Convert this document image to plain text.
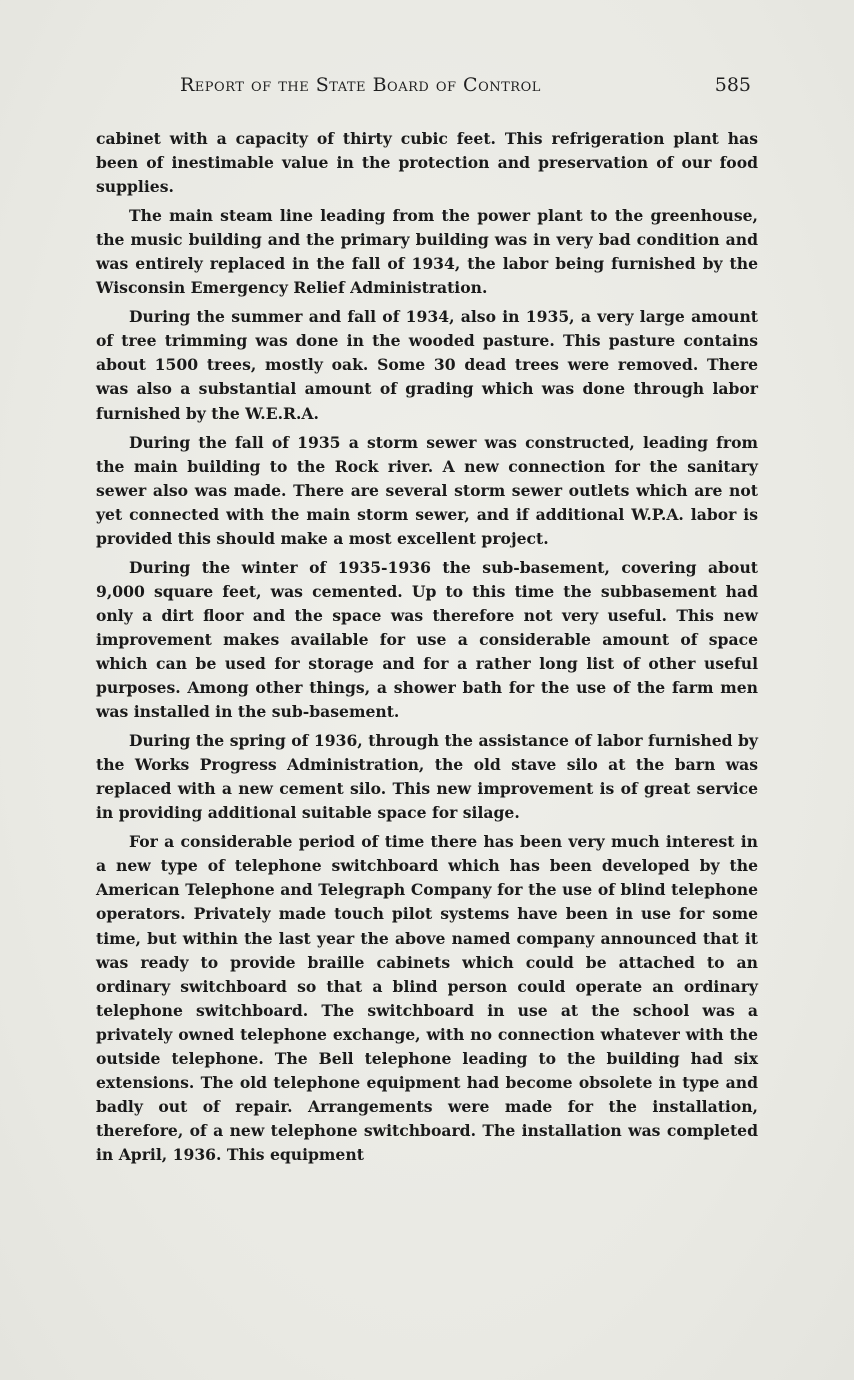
Report of the State Board of Control	585

cabinet with a capacity of thirty cubic feet. This refrigeration plant has been of inestimable value in the protection and preservation of our food supplies.

The main steam line leading from the power plant to the greenhouse, the music building and the primary building was in very bad condition and was entirely replaced in the fall of 1934, the labor being furnished by the Wisconsin Emergency Relief Administration.

During the summer and fall of 1934, also in 1935, a very large amount of tree trimming was done in the wooded pasture. This pasture contains about 1500 trees, mostly oak. Some 30 dead trees were removed. There was also a substantial amount of grading which was done through labor furnished by the W.E.R.A.

During the fall of 1935 a storm sewer was constructed, leading from the main building to the Rock river. A new connection for the sanitary sewer also was made. There are several storm sewer outlets which are not yet connected with the main storm sewer, and if additional W.P.A. labor is provided this should make a most excellent project.

During the winter of 1935-1936 the sub-basement, covering about 9,000 square feet, was cemented. Up to this time the subbasement had only a dirt floor and the space was therefore not very useful. This new improvement makes available for use a considerable amount of space which can be used for storage and for a rather long list of other useful purposes. Among other things, a shower bath for the use of the farm men was installed in the sub-basement.

During the spring of 1936, through the assistance of labor furnished by the Works Progress Administration, the old stave silo at the barn was replaced with a new cement silo. This new improvement is of great service in providing additional suitable space for silage.

For a considerable period of time there has been very much interest in a new type of telephone switchboard which has been developed by the American Telephone and Telegraph Company for the use of blind telephone operators. Privately made touch pilot systems have been in use for some time, but within the last year the above named company announced that it was ready to provide braille cabinets which could be attached to an ordinary switchboard so that a blind person could operate an ordinary telephone switchboard. The switchboard in use at the school was a privately owned telephone exchange, with no connection whatever with the outside telephone. The Bell telephone leading to the building had six extensions. The old telephone equipment had become obsolete in type and badly out of repair. Arrangements were made for the installation, therefore, of a new telephone switchboard. The installation was completed in April, 1936. This equipment
